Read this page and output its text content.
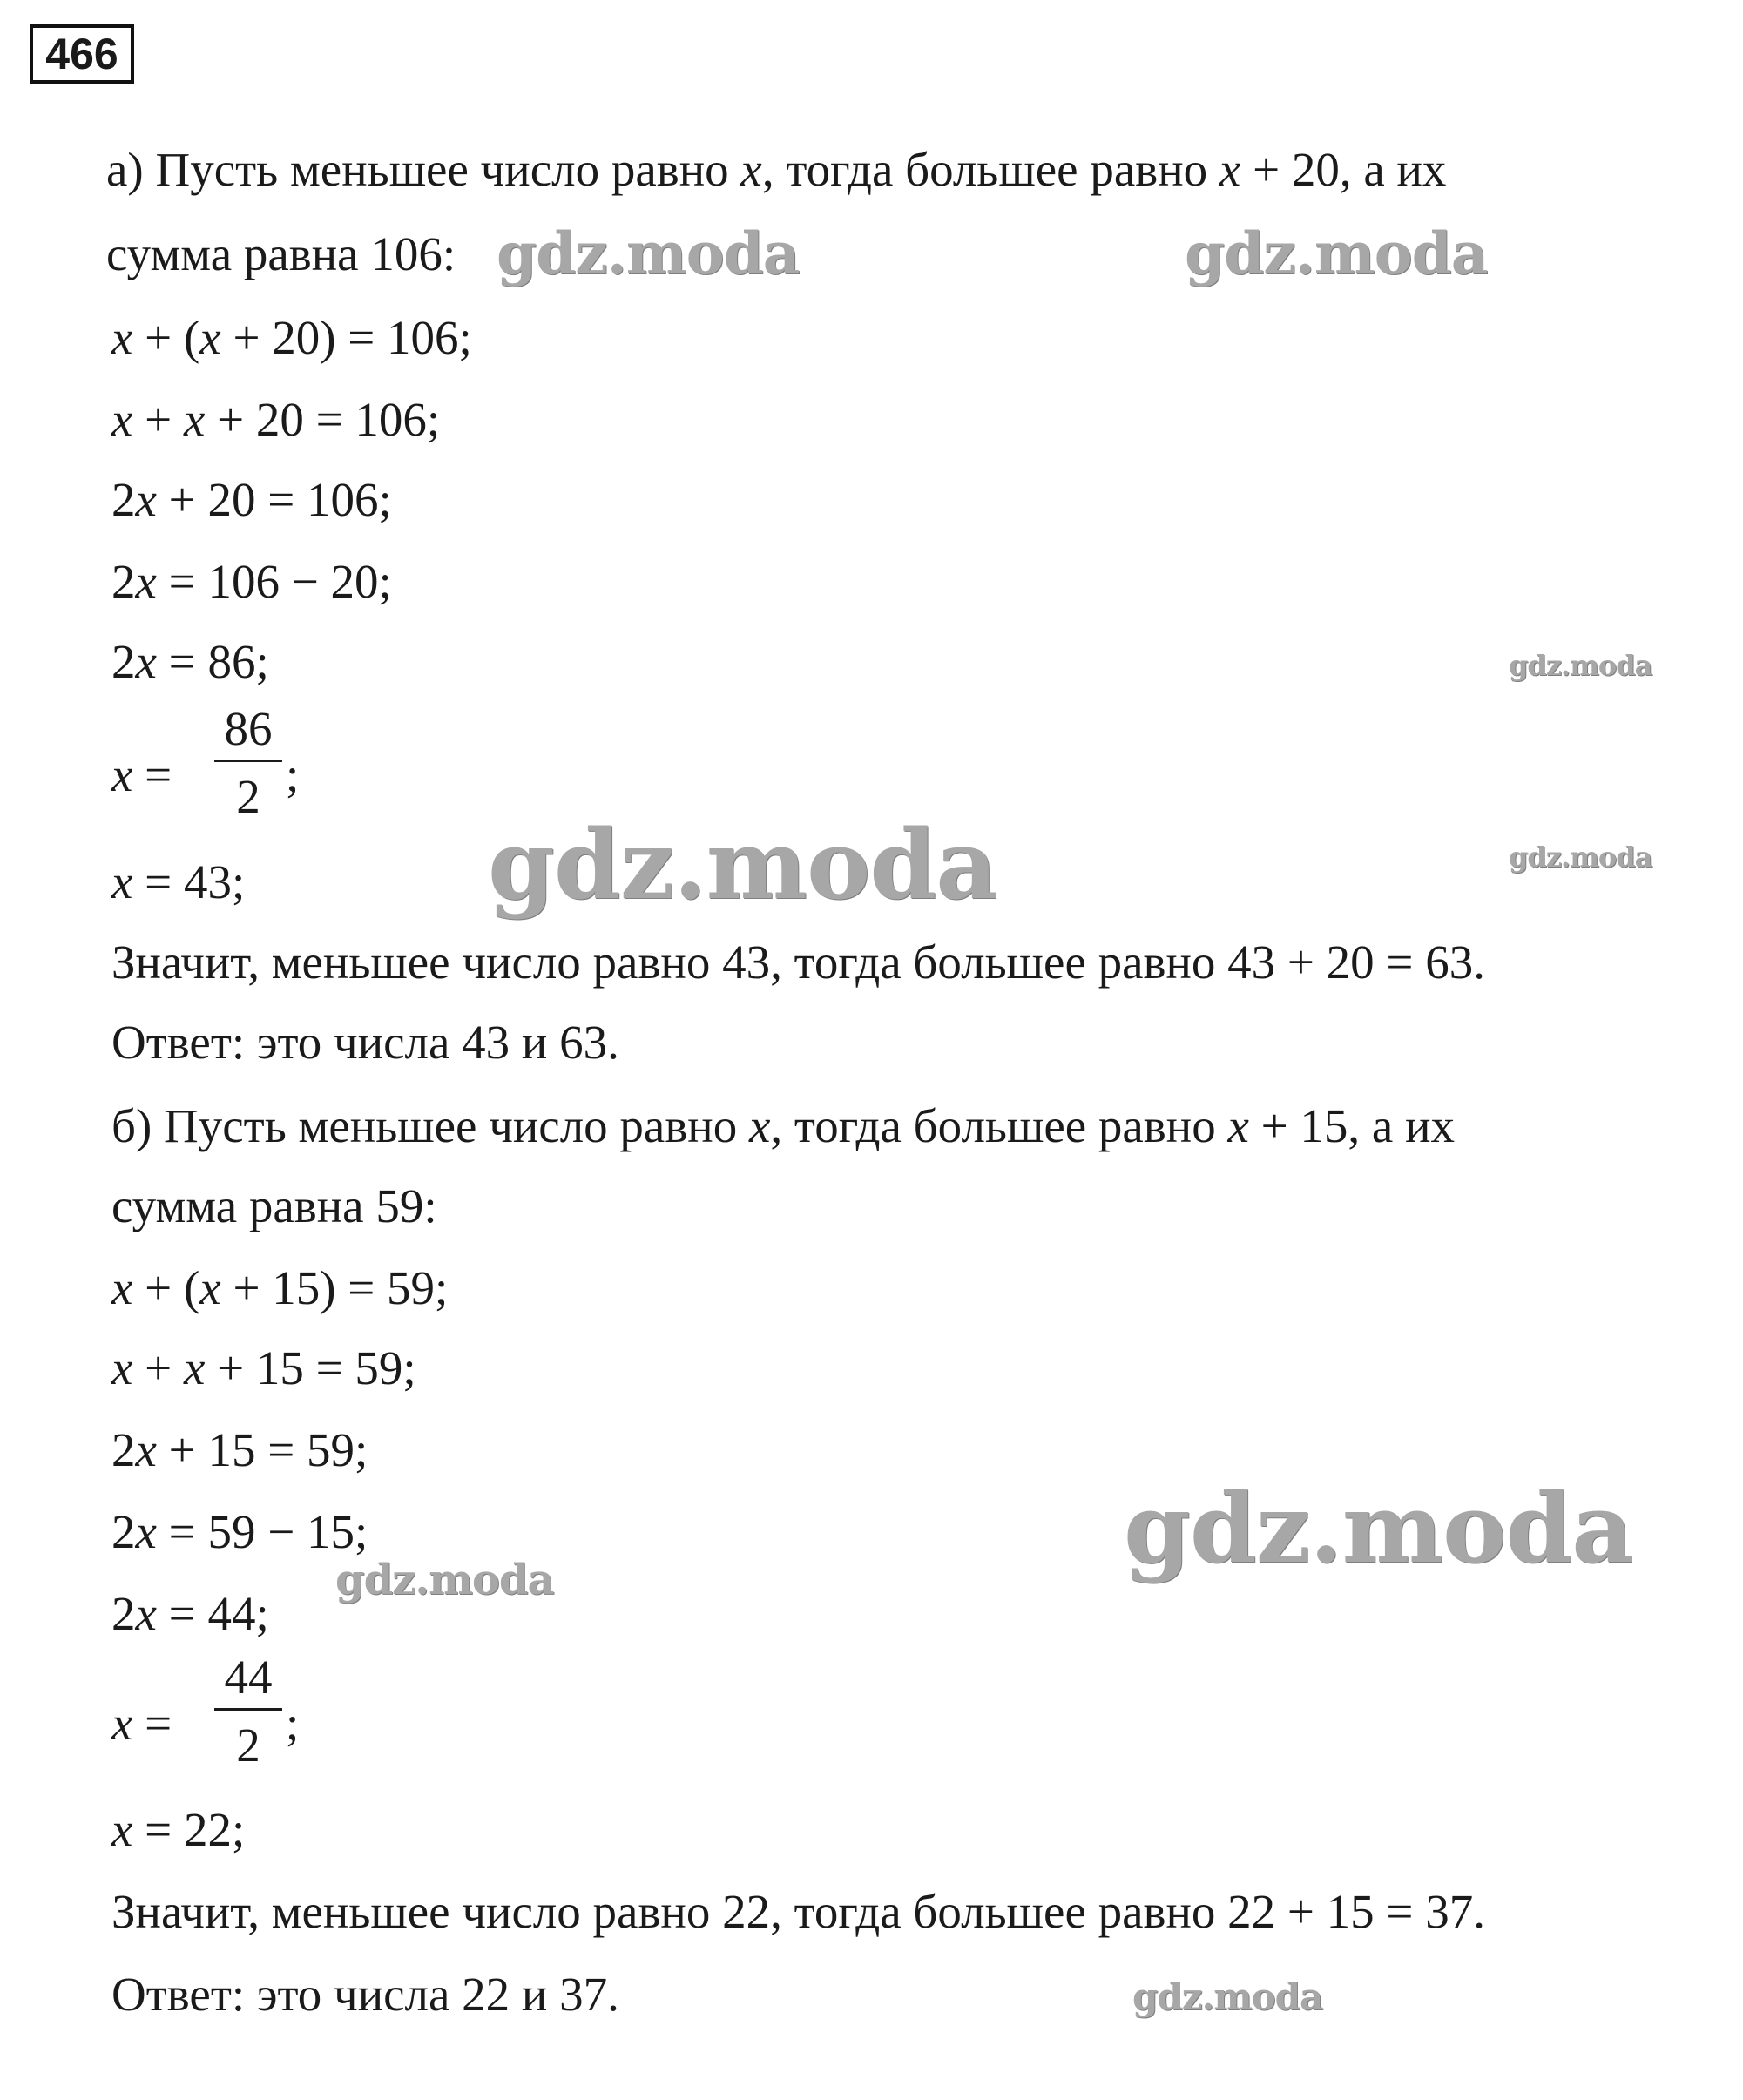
466
а) Пусть меньшее число равно x, тогда большее равно x + 20, а их
сумма равна 106:
x + (x + 20) = 106;
x + x + 20 = 106;
2x + 20 = 106;
2x = 106 − 20;
2x = 86;
$x = \frac{86}{2}$ ;
x = 43;
Значит, меньшее число равно 43, тогда большее равно 43 + 20 = 63.
Ответ: это числа 43 и 63.
б) Пусть меньшее число равно x, тогда большее равно x + 15, а их
сумма равна 59:
x + (x + 15) = 59;
x + x + 15 = 59;
2x + 15 = 59;
2x = 59 − 15;
2x = 44;
$x = \frac{44}{2}$ ;
x = 22;
Значит, меньшее число равно 22, тогда большее равно 22 + 15 = 37.
Ответ: это числа 22 и 37.
gdz.moda	gdz.moda
gdz.moda
gdz.moda
gdz.moda
gdz.moda
gdz.moda
gdz.moda
